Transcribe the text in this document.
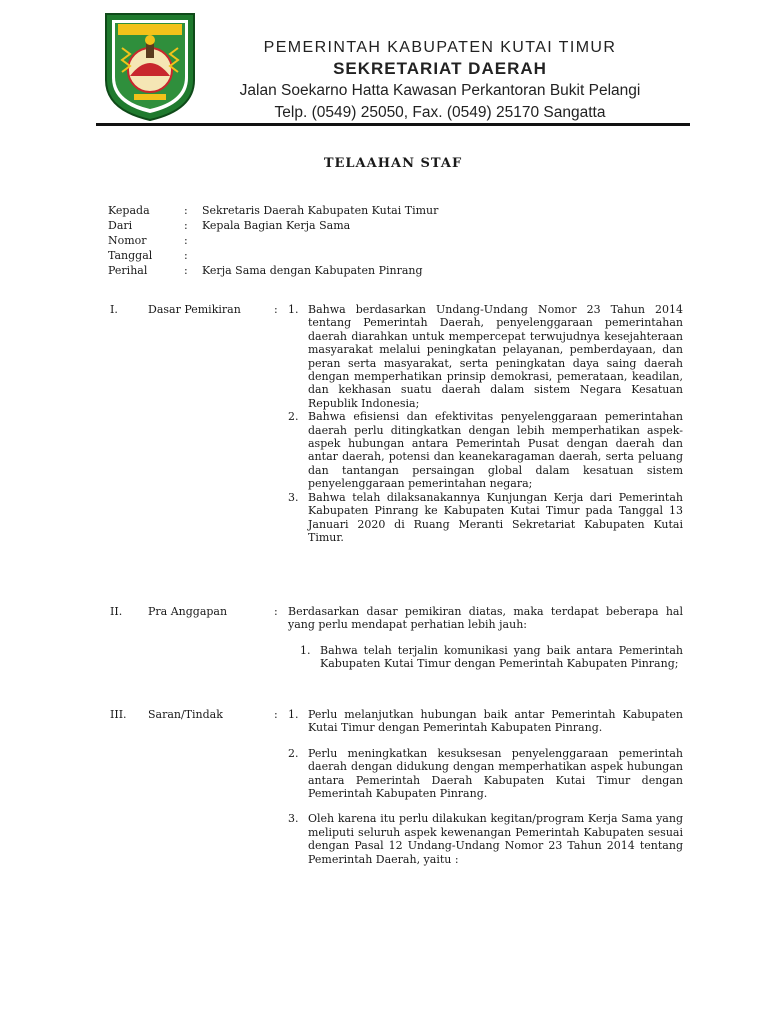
PEMERINTAH KABUPATEN KUTAI TIMUR
SEKRETARIAT DAERAH
Jalan Soekarno Hatta Kawasan Perkantoran Bukit Pelangi
Telp. (0549) 25050, Fax. (0549) 25170 Sangatta
TELAAHAN STAF
Kepada	:	Sekretaris Daerah Kabupaten Kutai Timur
Dari	:	Kepala Bagian Kerja Sama
Nomor	:
Tanggal	:
Perihal	:	Kerja Sama dengan Kabupaten Pinrang
I.	Dasar Pemikiran	: 1. Bahwa berdasarkan Undang-Undang Nomor 23 Tahun 2014 tentang Pemerintah Daerah, penyelenggaraan pemerintahan daerah diarahkan untuk mempercepat terwujudnya kesejahteraan masyarakat melalui peningkatan pelayanan, pemberdayaan, dan peran serta masyarakat, serta peningkatan daya saing daerah dengan memperhatikan prinsip demokrasi, pemerataan, keadilan, dan kekhasan suatu daerah dalam sistem Negara Kesatuan Republik Indonesia;
2. Bahwa efisiensi dan efektivitas penyelenggaraan pemerintahan daerah perlu ditingkatkan dengan lebih memperhatikan aspek-aspek hubungan antara Pemerintah Pusat dengan daerah dan antar daerah, potensi dan keanekaragaman daerah, serta peluang dan tantangan persaingan global dalam kesatuan sistem penyelenggaraan pemerintahan negara;
3. Bahwa telah dilaksanakannya Kunjungan Kerja dari Pemerintah Kabupaten Pinrang ke Kabupaten Kutai Timur pada Tanggal 13 Januari 2020 di Ruang Meranti Sekretariat Kabupaten Kutai Timur.
II. Pra Anggapan	: Berdasarkan dasar pemikiran diatas, maka terdapat beberapa hal yang perlu mendapat perhatian lebih jauh:
1. Bahwa telah terjalin komunikasi yang baik antara Pemerintah Kabupaten Kutai Timur dengan Pemerintah Kabupaten Pinrang;
III. Saran/Tindak	: 1. Perlu melanjutkan hubungan baik antar Pemerintah Kabupaten Kutai Timur dengan Pemerintah Kabupaten Pinrang.
2. Perlu meningkatkan kesuksesan penyelenggaraan pemerintah daerah dengan didukung dengan memperhatikan aspek hubungan antara Pemerintah Daerah Kabupaten Kutai Timur dengan Pemerintah Kabupaten Pinrang.
3. Oleh karena itu perlu dilakukan kegitan/program Kerja Sama yang meliputi seluruh aspek kewenangan Pemerintah Kabupaten sesuai dengan Pasal 12 Undang-Undang Nomor 23 Tahun 2014 tentang Pemerintah Daerah, yaitu :
